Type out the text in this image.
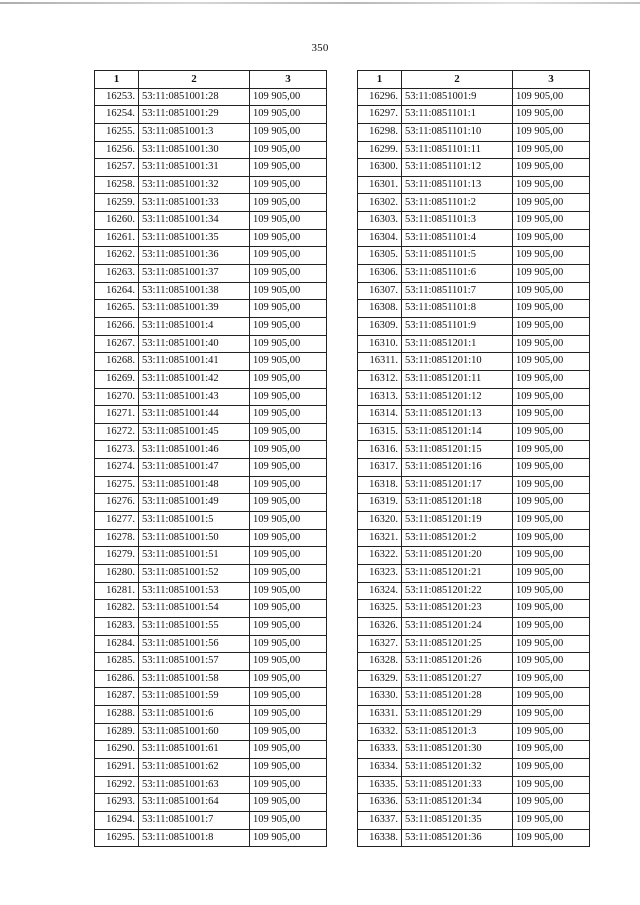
350
1	2	3
16253.	53:11:0851001:28	109 905,00
16254.	53:11:0851001:29	109 905,00
16255.	53:11:0851001:3	109 905,00
16256.	53:11:0851001:30	109 905,00
16257.	53:11:0851001:31	109 905,00
16258.	53:11:0851001:32	109 905,00
16259.	53:11:0851001:33	109 905,00
16260.	53:11:0851001:34	109 905,00
16261.	53:11:0851001:35	109 905,00
16262.	53:11:0851001:36	109 905,00
16263.	53:11:0851001:37	109 905,00
16264.	53:11:0851001:38	109 905,00
16265.	53:11:0851001:39	109 905,00
16266.	53:11:0851001:4	109 905,00
16267.	53:11:0851001:40	109 905,00
16268.	53:11:0851001:41	109 905,00
16269.	53:11:0851001:42	109 905,00
16270.	53:11:0851001:43	109 905,00
16271.	53:11:0851001:44	109 905,00
16272.	53:11:0851001:45	109 905,00
16273.	53:11:0851001:46	109 905,00
16274.	53:11:0851001:47	109 905,00
16275.	53:11:0851001:48	109 905,00
16276.	53:11:0851001:49	109 905,00
16277.	53:11:0851001:5	109 905,00
16278.	53:11:0851001:50	109 905,00
16279.	53:11:0851001:51	109 905,00
16280.	53:11:0851001:52	109 905,00
16281.	53:11:0851001:53	109 905,00
16282.	53:11:0851001:54	109 905,00
16283.	53:11:0851001:55	109 905,00
16284.	53:11:0851001:56	109 905,00
16285.	53:11:0851001:57	109 905,00
16286.	53:11:0851001:58	109 905,00
16287.	53:11:0851001:59	109 905,00
16288.	53:11:0851001:6	109 905,00
16289.	53:11:0851001:60	109 905,00
16290.	53:11:0851001:61	109 905,00
16291.	53:11:0851001:62	109 905,00
16292.	53:11:0851001:63	109 905,00
16293.	53:11:0851001:64	109 905,00
16294.	53:11:0851001:7	109 905,00
16295.	53:11:0851001:8	109 905,00
1	2	3
16296.	53:11:0851001:9	109 905,00
16297.	53:11:0851101:1	109 905,00
16298.	53:11:0851101:10	109 905,00
16299.	53:11:0851101:11	109 905,00
16300.	53:11:0851101:12	109 905,00
16301.	53:11:0851101:13	109 905,00
16302.	53:11:0851101:2	109 905,00
16303.	53:11:0851101:3	109 905,00
16304.	53:11:0851101:4	109 905,00
16305.	53:11:0851101:5	109 905,00
16306.	53:11:0851101:6	109 905,00
16307.	53:11:0851101:7	109 905,00
16308.	53:11:0851101:8	109 905,00
16309.	53:11:0851101:9	109 905,00
16310.	53:11:0851201:1	109 905,00
16311.	53:11:0851201:10	109 905,00
16312.	53:11:0851201:11	109 905,00
16313.	53:11:0851201:12	109 905,00
16314.	53:11:0851201:13	109 905,00
16315.	53:11:0851201:14	109 905,00
16316.	53:11:0851201:15	109 905,00
16317.	53:11:0851201:16	109 905,00
16318.	53:11:0851201:17	109 905,00
16319.	53:11:0851201:18	109 905,00
16320.	53:11:0851201:19	109 905,00
16321.	53:11:0851201:2	109 905,00
16322.	53:11:0851201:20	109 905,00
16323.	53:11:0851201:21	109 905,00
16324.	53:11:0851201:22	109 905,00
16325.	53:11:0851201:23	109 905,00
16326.	53:11:0851201:24	109 905,00
16327.	53:11:0851201:25	109 905,00
16328.	53:11:0851201:26	109 905,00
16329.	53:11:0851201:27	109 905,00
16330.	53:11:0851201:28	109 905,00
16331.	53:11:0851201:29	109 905,00
16332.	53:11:0851201:3	109 905,00
16333.	53:11:0851201:30	109 905,00
16334.	53:11:0851201:32	109 905,00
16335.	53:11:0851201:33	109 905,00
16336.	53:11:0851201:34	109 905,00
16337.	53:11:0851201:35	109 905,00
16338.	53:11:0851201:36	109 905,00
